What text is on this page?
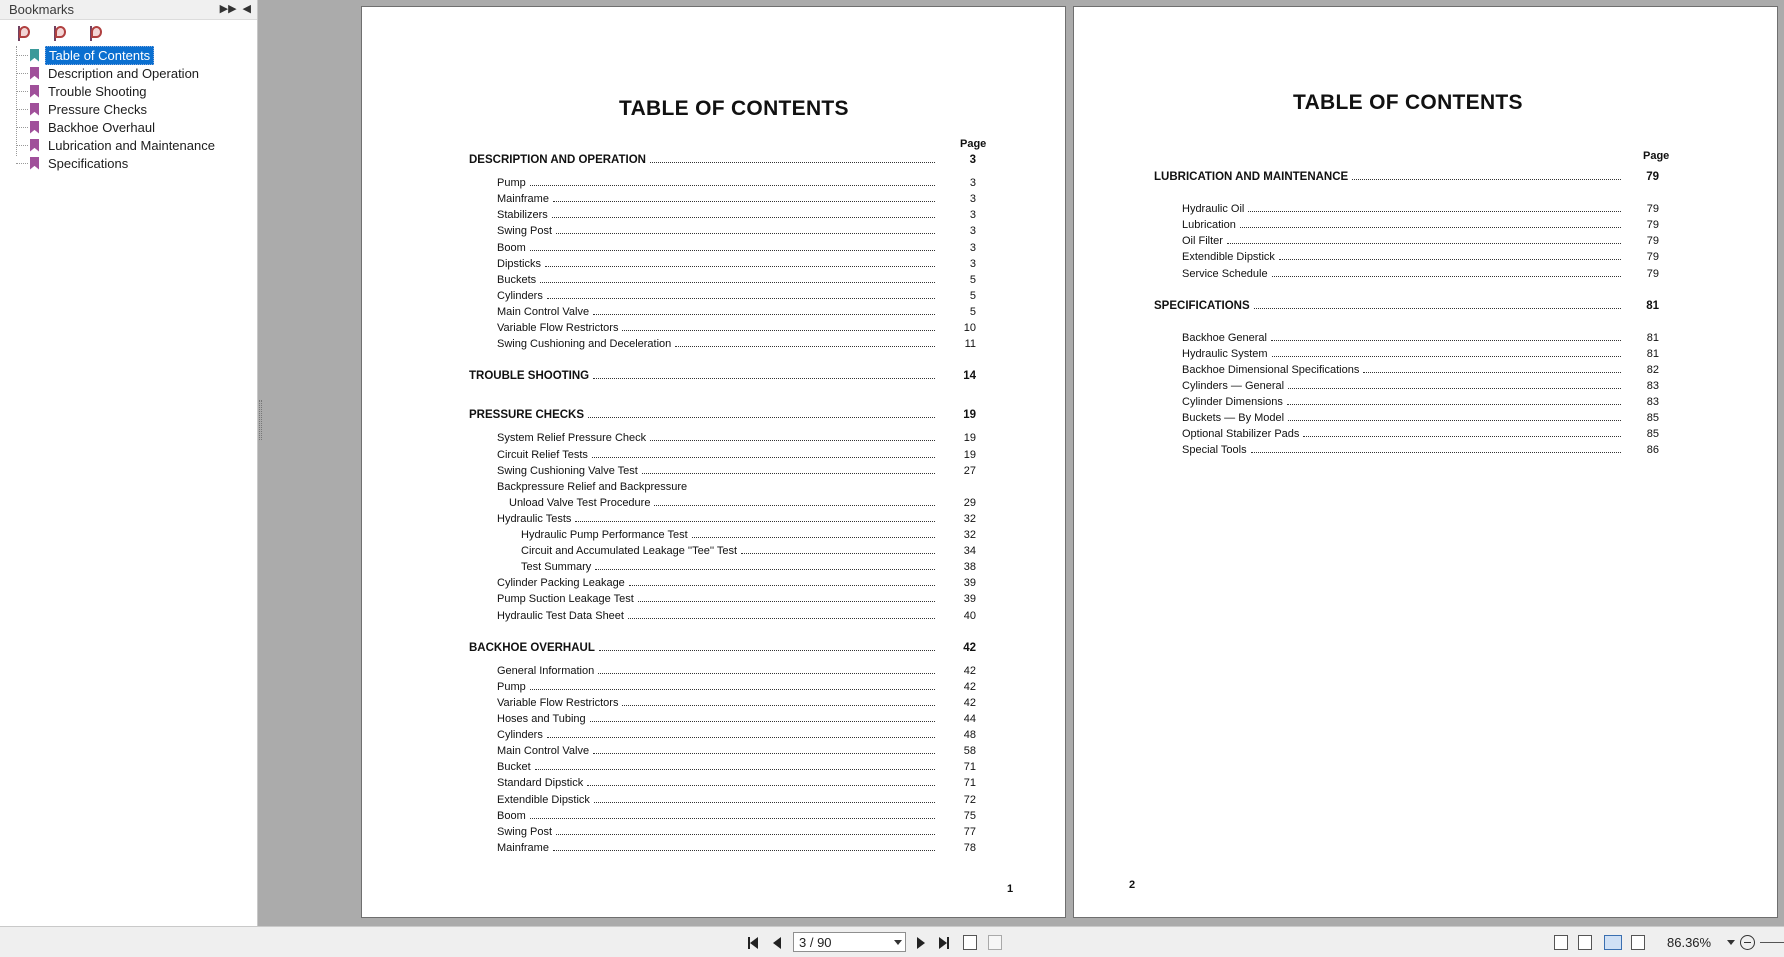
Bookmarks	▶▶ ◀
Table of Contents
Description and Operation
Trouble Shooting
Pressure Checks
Backhoe Overhaul
Lubrication and Maintenance
Specifications
TABLE OF CONTENTS
Page
1
DESCRIPTION AND OPERATION	3
Pump	3
Mainframe	3
Stabilizers	3
Swing Post	3
Boom	3
Dipsticks	3
Buckets	5
Cylinders	5
Main Control Valve	5
Variable Flow Restrictors	10
Swing Cushioning and Deceleration	11
TROUBLE SHOOTING	14
PRESSURE CHECKS	19
System Relief Pressure Check	19
Circuit Relief Tests	19
Swing Cushioning Valve Test	27
Backpressure Relief and Backpressure
Unload Valve Test Procedure	29
Hydraulic Tests	32
Hydraulic Pump Performance Test	32
Circuit and Accumulated Leakage ''Tee'' Test	34
Test Summary	38
Cylinder Packing Leakage	39
Pump Suction Leakage Test	39
Hydraulic Test Data Sheet	40
BACKHOE OVERHAUL	42
General Information	42
Pump	42
Variable Flow Restrictors	42
Hoses and Tubing	44
Cylinders	48
Main Control Valve	58
Bucket	71
Standard Dipstick	71
Extendible Dipstick	72
Boom	75
Swing Post	77
Mainframe	78
TABLE OF CONTENTS
Page
2
LUBRICATION AND MAINTENANCE	79
Hydraulic Oil	79
Lubrication	79
Oil Filter	79
Extendible Dipstick	79
Service Schedule	79
SPECIFICATIONS	81
Backhoe General	81
Hydraulic System	81
Backhoe Dimensional Specifications	82
Cylinders — General	83
Cylinder Dimensions	83
Buckets — By Model	85
Optional Stabilizer Pads	85
Special Tools	86
3 / 90	86.36%
